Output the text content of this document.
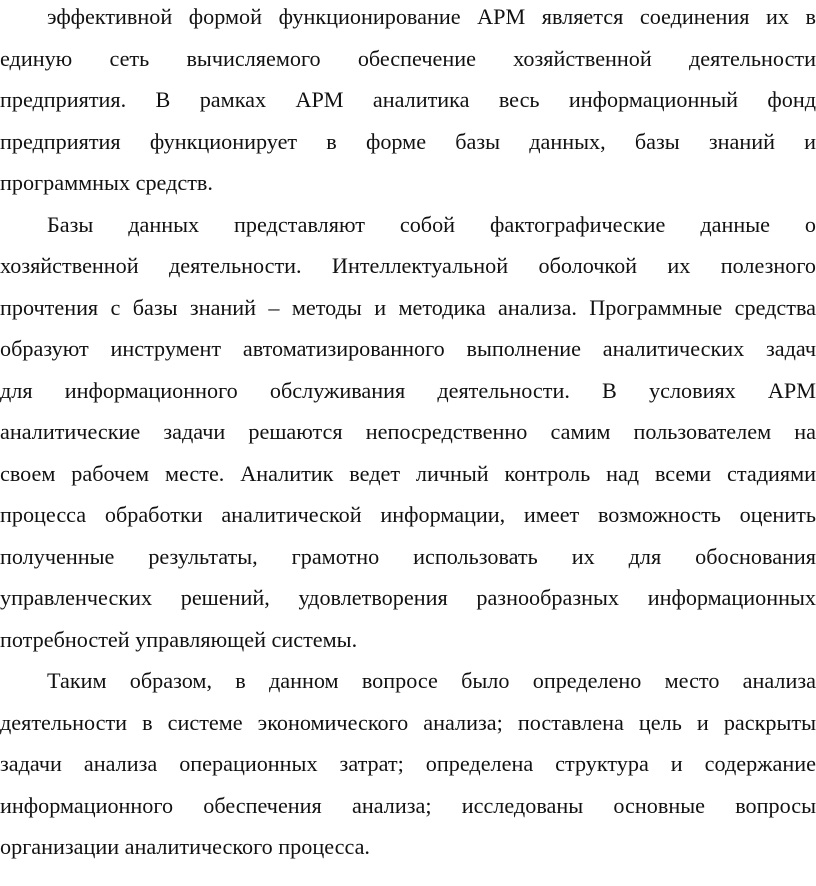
эффективной формой функционирование АРМ является соединения их в
единую сеть вычисляемого обеспечение хозяйственной деятельности
предприятия. В рамках АРМ аналитика весь информационный фонд
предприятия функционирует в форме базы данных, базы знаний и
программных средств.
Базы данных представляют собой фактографические данные о
хозяйственной деятельности. Интеллектуальной оболочкой их полезного
прочтения с базы знаний – методы и методика анализа. Программные средства
образуют инструмент автоматизированного выполнение аналитических задач
для информационного обслуживания деятельности. В условиях АРМ
аналитические задачи решаются непосредственно самим пользователем на
своем рабочем месте. Аналитик ведет личный контроль над всеми стадиями
процесса обработки аналитической информации, имеет возможность оценить
полученные результаты, грамотно использовать их для обоснования
управленческих решений, удовлетворения разнообразных информационных
потребностей управляющей системы.
Таким образом, в данном вопросе было определено место анализа
деятельности в системе экономического анализа; поставлена цель и раскрыты
задачи анализа операционных затрат; определена структура и содержание
информационного обеспечения анализа; исследованы основные вопросы
организации аналитического процесса.
